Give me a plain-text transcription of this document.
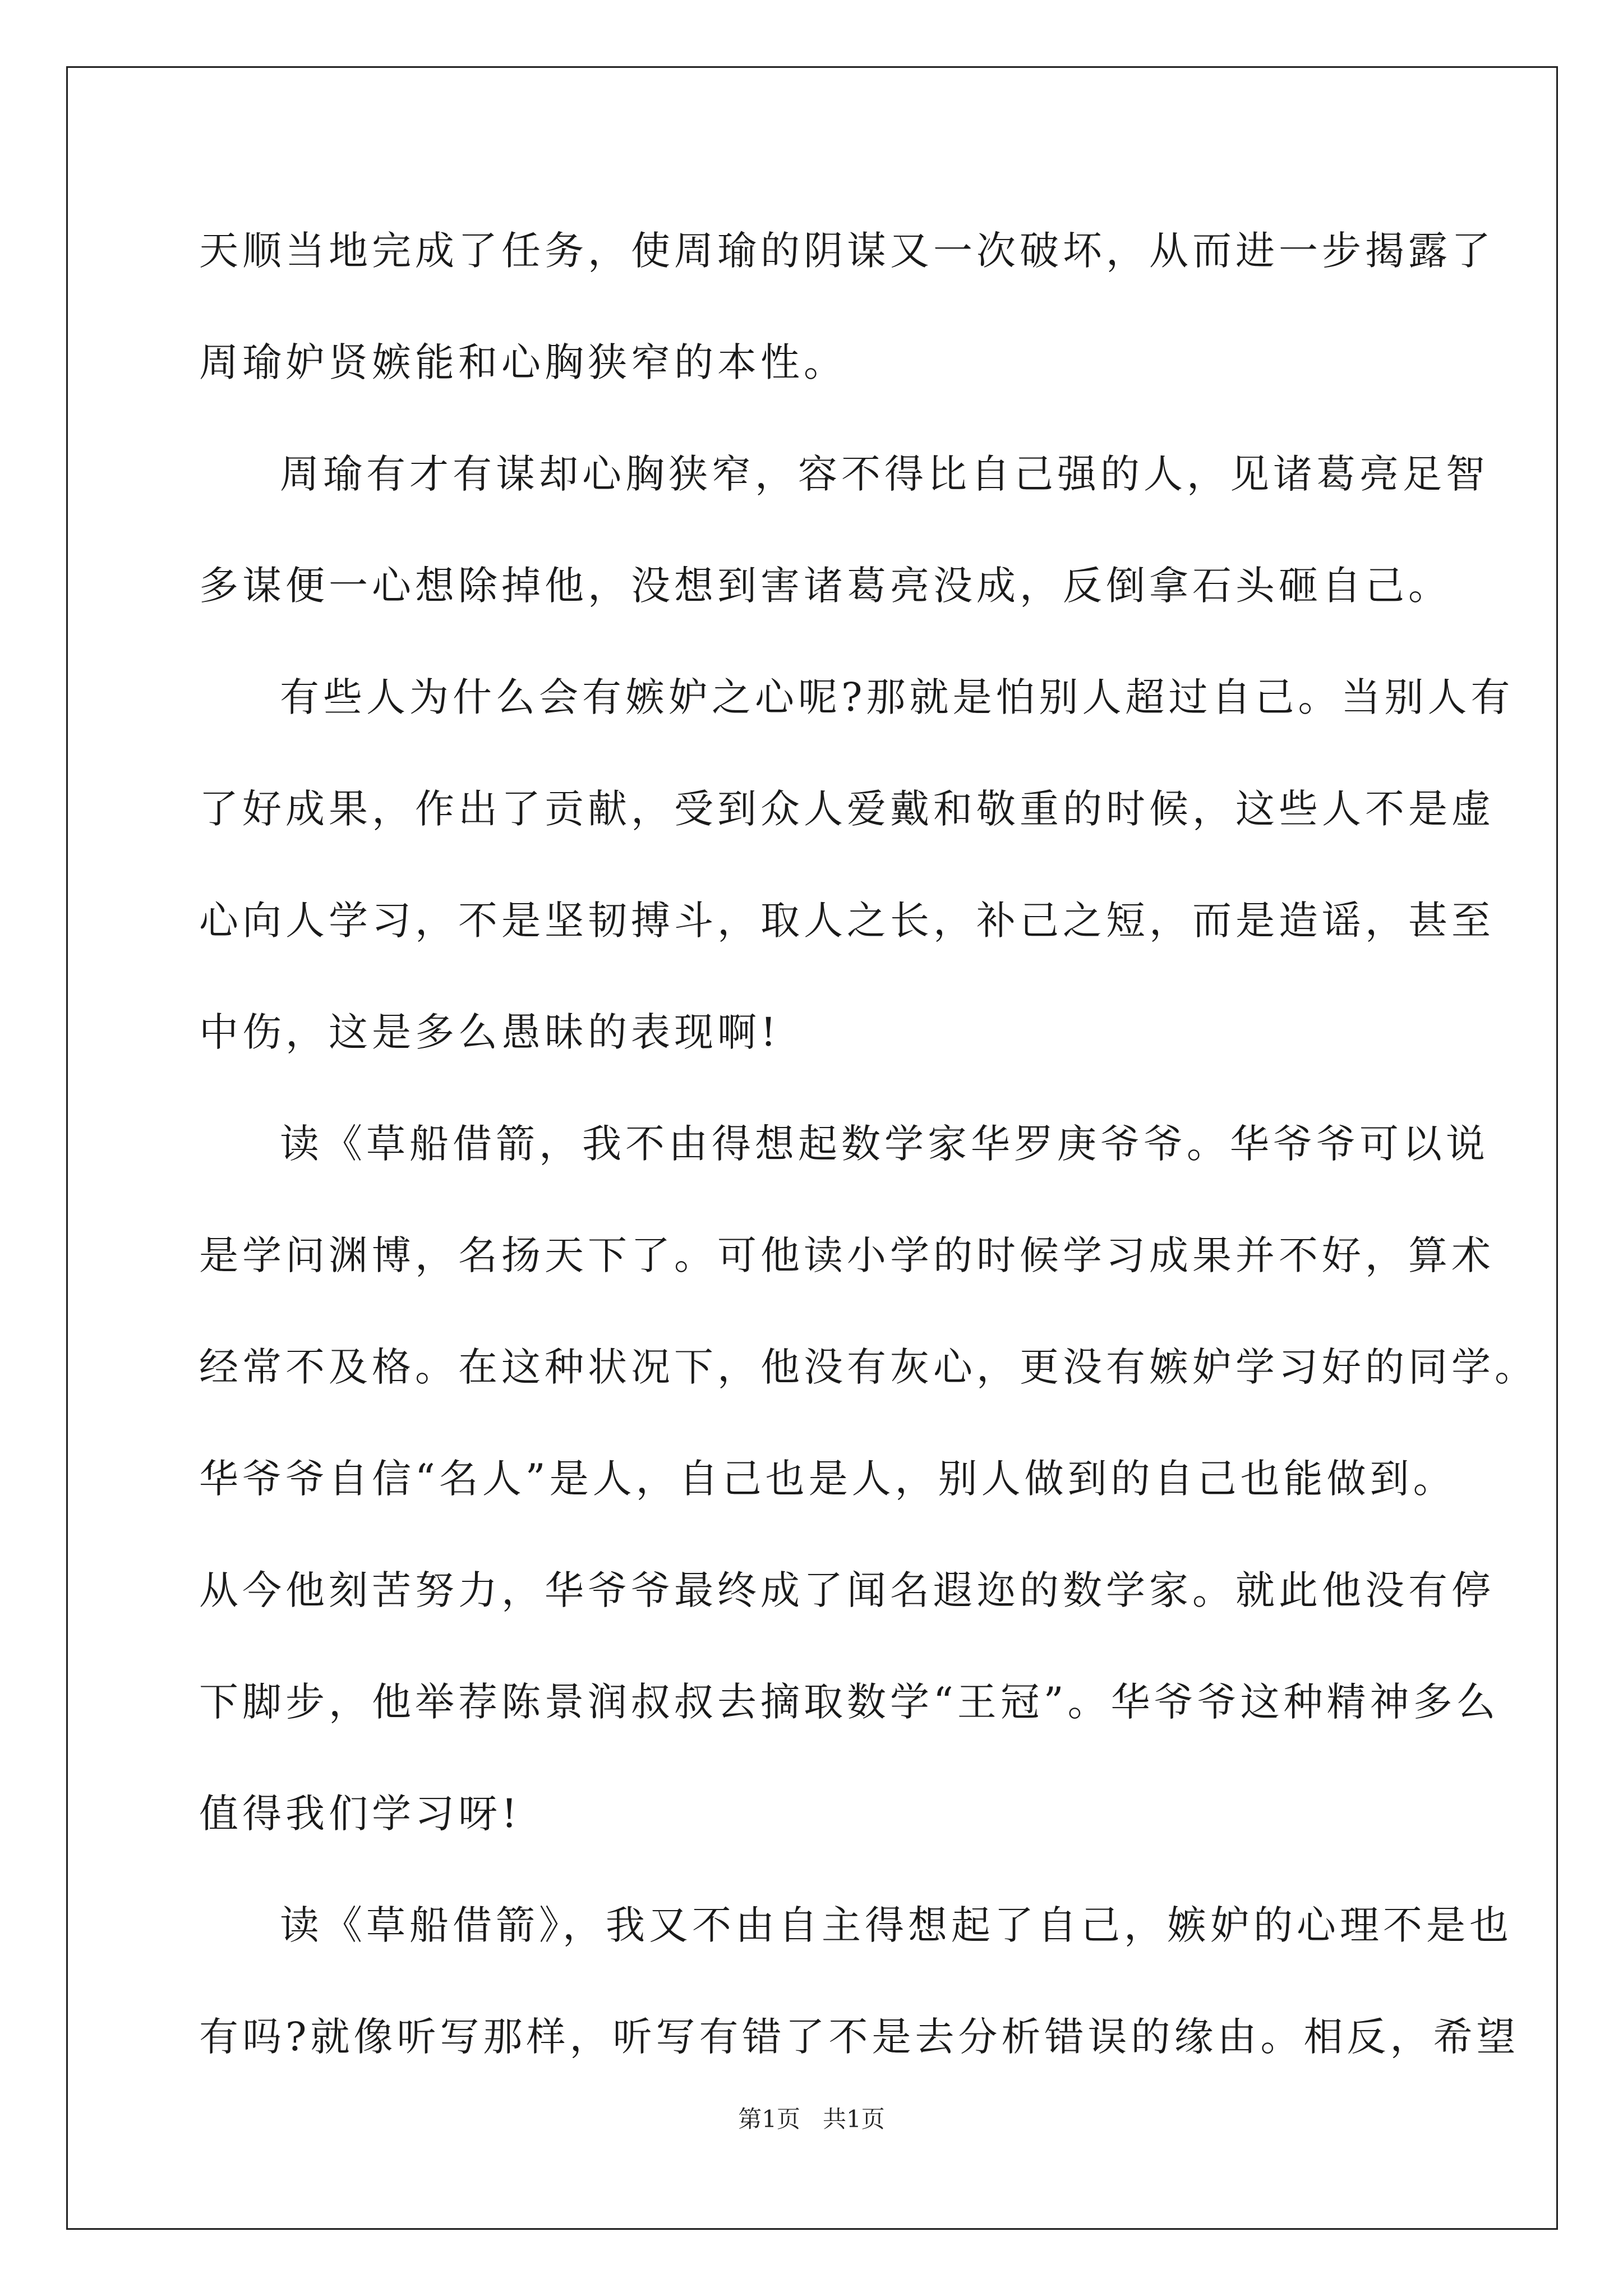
天顺当地完成了任务，使周瑜的阴谋又一次破坏，从而进一步揭露了
周瑜妒贤嫉能和心胸狭窄的本性。
周瑜有才有谋却心胸狭窄，容不得比自己强的人，见诸葛亮足智
多谋便一心想除掉他，没想到害诸葛亮没成，反倒拿石头砸自己。
有些人为什么会有嫉妒之心呢?那就是怕别人超过自己。当别人有
了好成果，作出了贡献，受到众人爱戴和敬重的时候，这些人不是虚
心向人学习，不是坚韧搏斗，取人之长，补己之短，而是造谣，甚至
中伤，这是多么愚昧的表现啊!
读《草船借箭，我不由得想起数学家华罗庚爷爷。华爷爷可以说
是学问渊博，名扬天下了。可他读小学的时候学习成果并不好，算术
经常不及格。在这种状况下，他没有灰心，更没有嫉妒学习好的同学。
华爷爷自信“名人”是人，自己也是人，别人做到的自己也能做到。
从今他刻苦努力，华爷爷最终成了闻名遐迩的数学家。就此他没有停
下脚步，他举荐陈景润叔叔去摘取数学“王冠”。华爷爷这种精神多么
值得我们学习呀!
读《草船借箭》，我又不由自主得想起了自己，嫉妒的心理不是也
有吗?就像听写那样，听写有错了不是去分析错误的缘由。相反，希望
第1页   共1页
